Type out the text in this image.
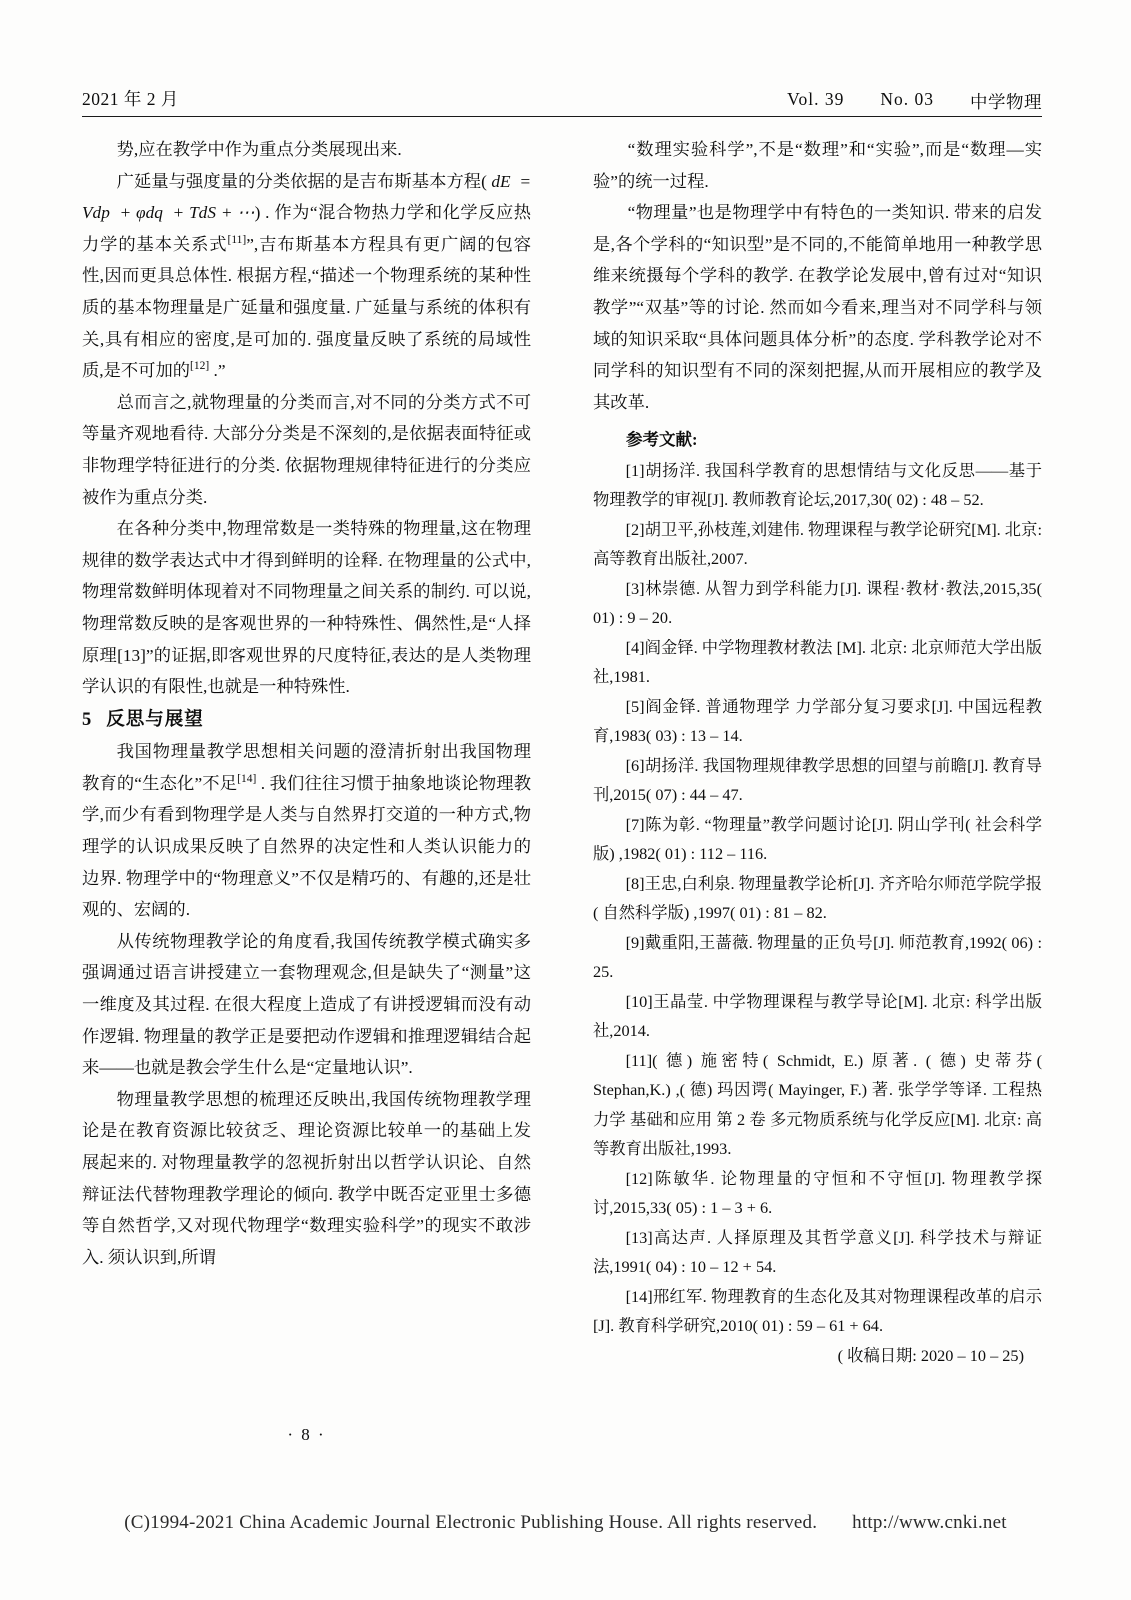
2021 年 2 月	Vol. 39 No. 03 中学物理

势,应在教学中作为重点分类展现出来.

广延量与强度量的分类依据的是吉布斯基本方程( dE = Vdp + φdq + TdS + ⋯) . 作为“混合物热力学和化学反应热力学的基本关系式[11]”,吉布斯基本方程具有更广阔的包容性,因而更具总体性. 根据方程,“描述一个物理系统的某种性质的基本物理量是广延量和强度量. 广延量与系统的体积有关,具有相应的密度,是可加的. 强度量反映了系统的局域性质,是不可加的[12] .”

总而言之,就物理量的分类而言,对不同的分类方式不可等量齐观地看待. 大部分分类是不深刻的,是依据表面特征或非物理学特征进行的分类. 依据物理规律特征进行的分类应被作为重点分类.

在各种分类中,物理常数是一类特殊的物理量,这在物理规律的数学表达式中才得到鲜明的诠释. 在物理量的公式中,物理常数鲜明体现着对不同物理量之间关系的制约. 可以说,物理常数反映的是客观世界的一种特殊性、偶然性,是“人择原理[13]”的证据,即客观世界的尺度特征,表达的是人类物理学认识的有限性,也就是一种特殊性.

5 反思与展望

我国物理量教学思想相关问题的澄清折射出我国物理教育的“生态化”不足[14] . 我们往往习惯于抽象地谈论物理教学,而少有看到物理学是人类与自然界打交道的一种方式,物理学的认识成果反映了自然界的决定性和人类认识能力的边界. 物理学中的“物理意义”不仅是精巧的、有趣的,还是壮观的、宏阔的.

从传统物理教学论的角度看,我国传统教学模式确实多强调通过语言讲授建立一套物理观念,但是缺失了“测量”这一维度及其过程. 在很大程度上造成了有讲授逻辑而没有动作逻辑. 物理量的教学正是要把动作逻辑和推理逻辑结合起来——也就是教会学生什么是“定量地认识”.

物理量教学思想的梳理还反映出,我国传统物理教学理论是在教育资源比较贫乏、理论资源比较单一的基础上发展起来的. 对物理量教学的忽视折射出以哲学认识论、自然辩证法代替物理教学理论的倾向. 教学中既否定亚里士多德等自然哲学,又对现代物理学“数理实验科学”的现实不敢涉入. 须认识到,所谓

· 8 ·

“数理实验科学”,不是“数理”和“实验”,而是“数理—实验”的统一过程.

“物理量”也是物理学中有特色的一类知识. 带来的启发是,各个学科的“知识型”是不同的,不能简单地用一种教学思维来统摄每个学科的教学. 在教学论发展中,曾有过对“知识教学”“双基”等的讨论. 然而如今看来,理当对不同学科与领域的知识采取“具体问题具体分析”的态度. 学科教学论对不同学科的知识型有不同的深刻把握,从而开展相应的教学及其改革.

参考文献:

[1]胡扬洋. 我国科学教育的思想情结与文化反思——基于物理教学的审视[J]. 教师教育论坛,2017,30( 02) : 48 – 52.

[2]胡卫平,孙枝莲,刘建伟. 物理课程与教学论研究[M]. 北京: 高等教育出版社,2007.

[3]林崇德. 从智力到学科能力[J]. 课程·教材·教法,2015,35( 01) : 9 – 20.

[4]阎金铎. 中学物理教材教法 [M]. 北京: 北京师范大学出版社,1981.

[5]阎金铎. 普通物理学 力学部分复习要求[J]. 中国远程教育,1983( 03) : 13 – 14.

[6]胡扬洋. 我国物理规律教学思想的回望与前瞻[J]. 教育导刊,2015( 07) : 44 – 47.

[7]陈为彰. “物理量”教学问题讨论[J]. 阴山学刊( 社会科学版) ,1982( 01) : 112 – 116.

[8]王忠,白利泉. 物理量教学论析[J]. 齐齐哈尔师范学院学报( 自然科学版) ,1997( 01) : 81 – 82.

[9]戴重阳,王蔷薇. 物理量的正负号[J]. 师范教育,1992( 06) : 25.

[10]王晶莹. 中学物理课程与教学导论[M]. 北京: 科学出版社,2014.

[11]( 德) 施密特( Schmidt, E.) 原著. ( 德) 史蒂芬( Stephan,K.) ,( 德) 玛因谔( Mayinger, F.) 著. 张学学等译. 工程热力学 基础和应用 第 2 卷 多元物质系统与化学反应[M]. 北京: 高等教育出版社,1993.

[12]陈敏华. 论物理量的守恒和不守恒[J]. 物理教学探讨,2015,33( 05) : 1 – 3 + 6.

[13]高达声. 人择原理及其哲学意义[J]. 科学技术与辩证法,1991( 04) : 10 – 12 + 54.

[14]邢红军. 物理教育的生态化及其对物理课程改革的启示[J]. 教育科学研究,2010( 01) : 59 – 61 + 64.

( 收稿日期: 2020 – 10 – 25)

(C)1994-2021 China Academic Journal Electronic Publishing House. All rights reserved. http://www.cnki.net
